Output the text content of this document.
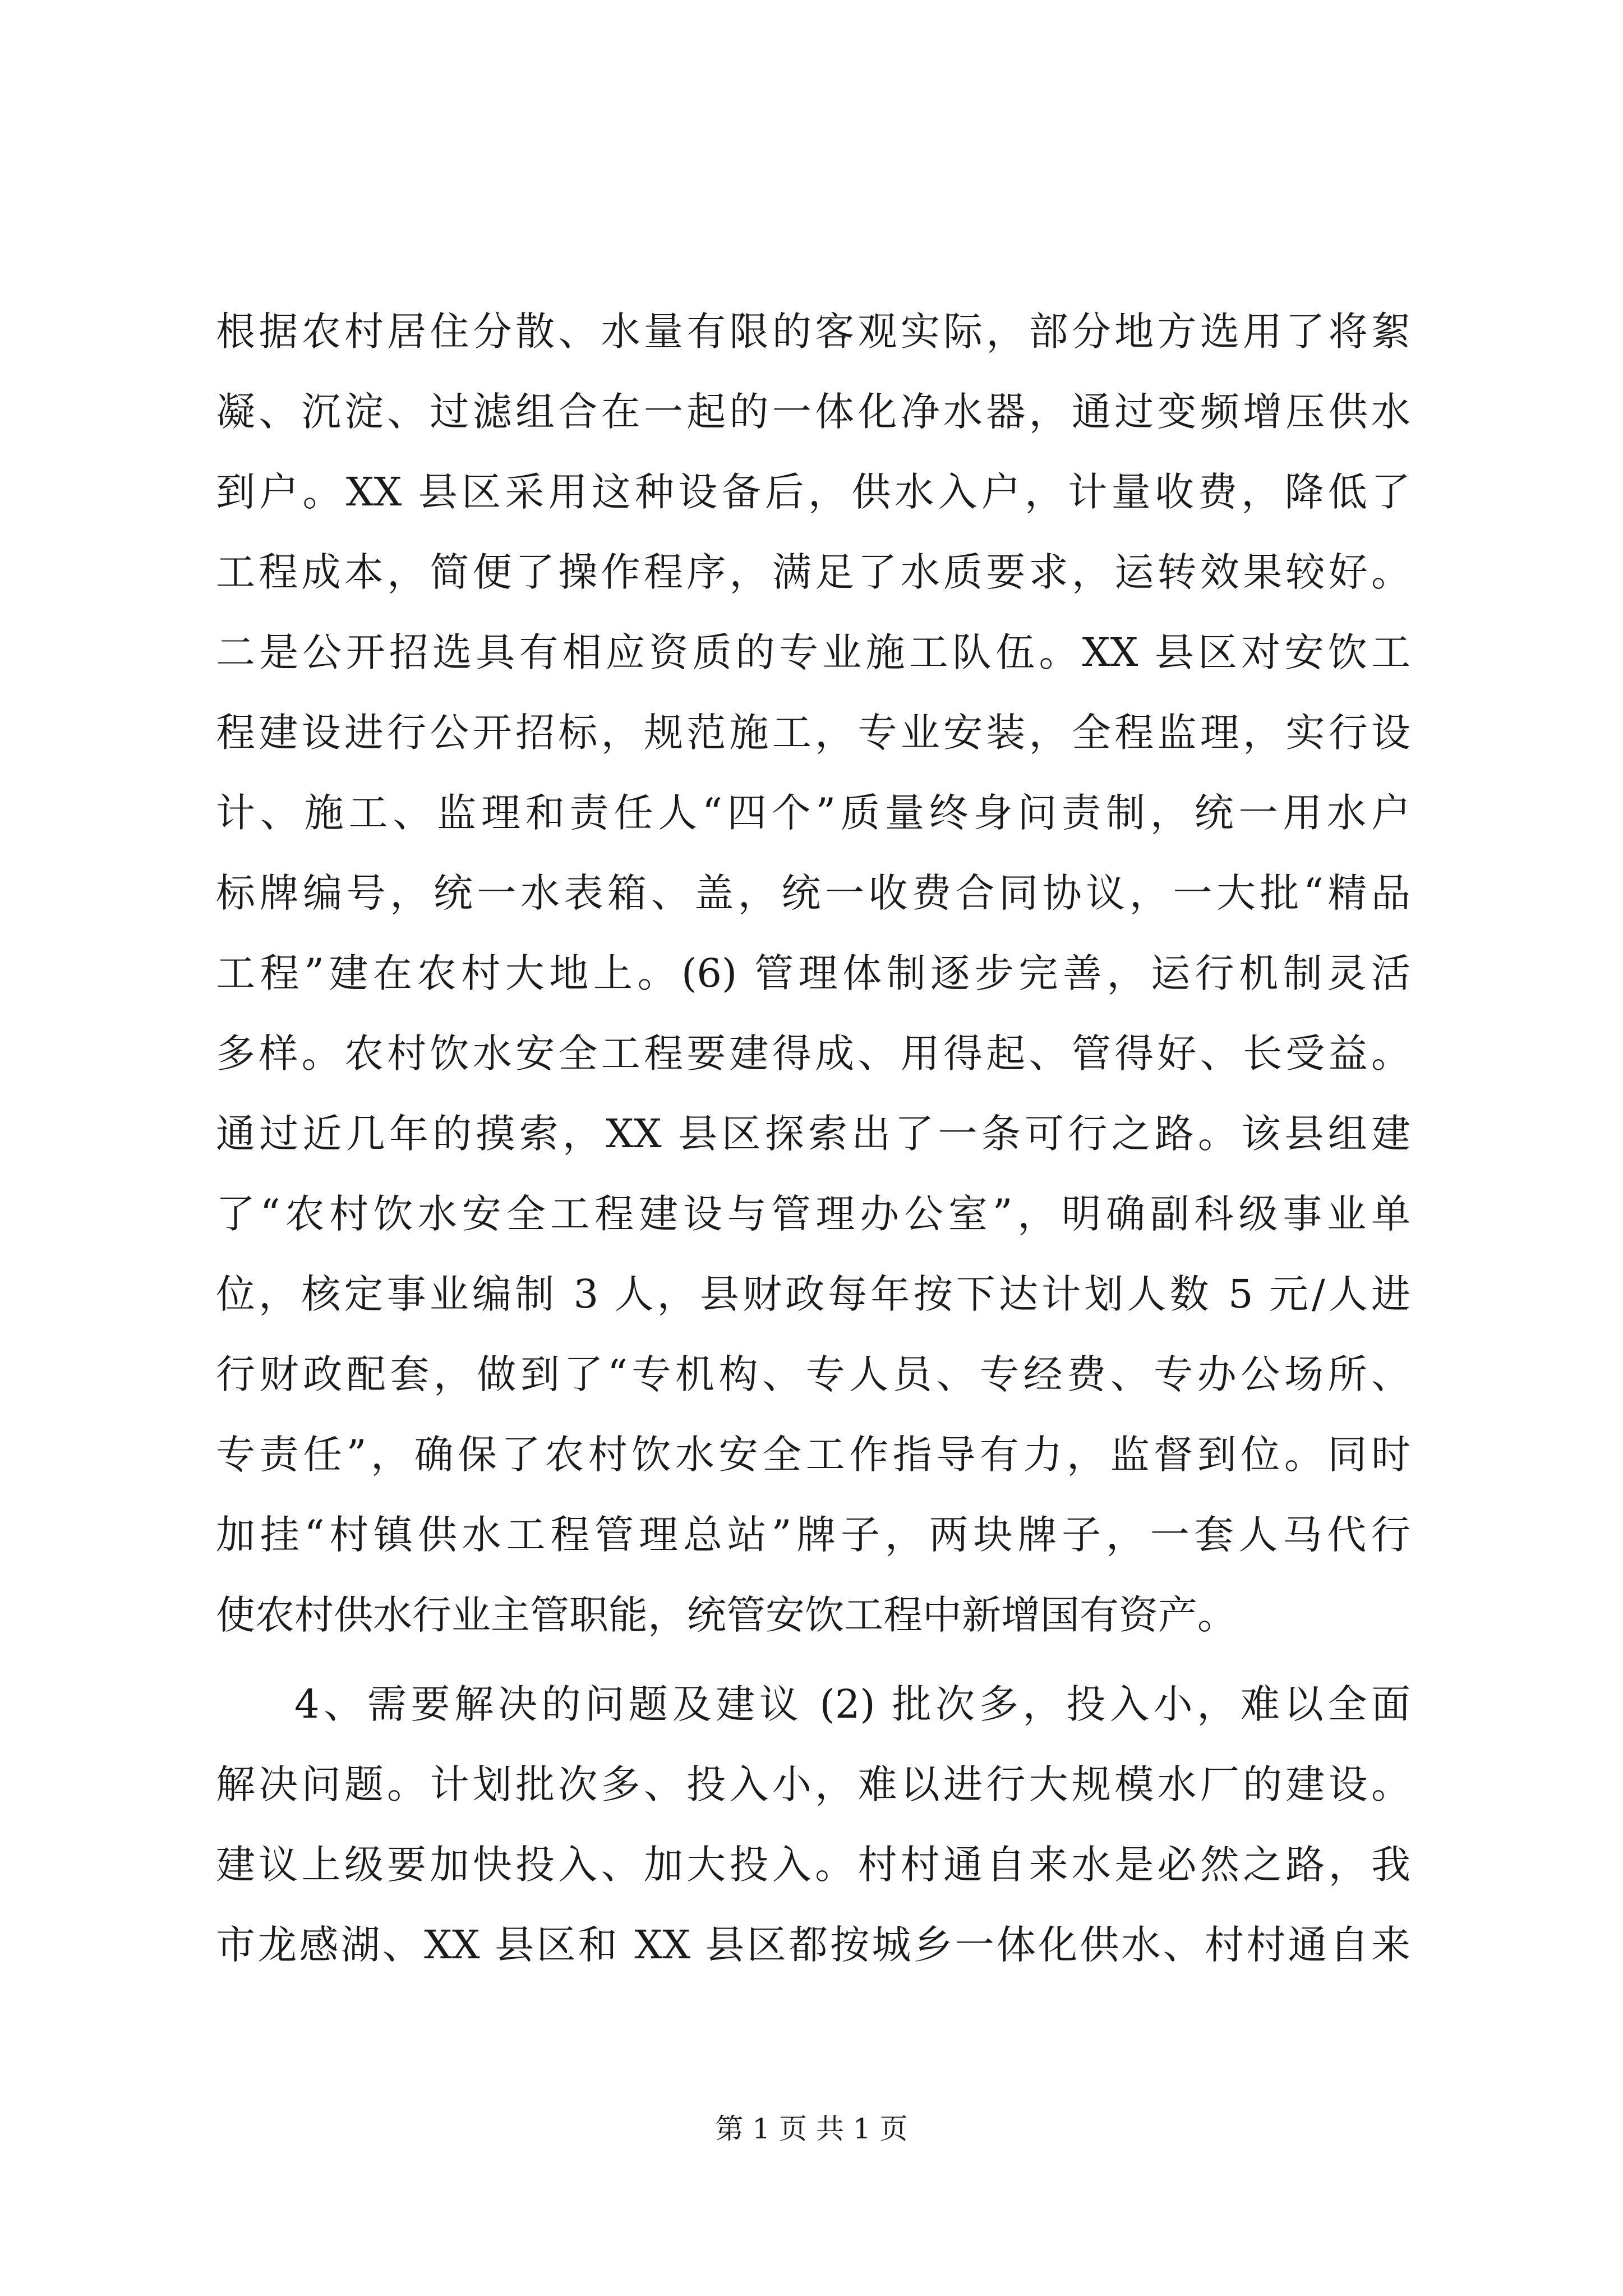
根据农村居住分散、水量有限的客观实际，部分地方选用了将絮
凝、沉淀、过滤组合在一起的一体化净水器，通过变频增压供水
到户。XX 县区采用这种设备后，供水入户，计量收费，降低了
工程成本，简便了操作程序，满足了水质要求，运转效果较好。
二是公开招选具有相应资质的专业施工队伍。XX 县区对安饮工
程建设进行公开招标，规范施工，专业安装，全程监理，实行设
计、施工、监理和责任人“四个”质量终身问责制，统一用水户
标牌编号，统一水表箱、盖，统一收费合同协议，一大批“精品
工程”建在农村大地上。(6) 管理体制逐步完善，运行机制灵活
多样。农村饮水安全工程要建得成、用得起、管得好、长受益。
通过近几年的摸索，XX 县区探索出了一条可行之路。该县组建
了“农村饮水安全工程建设与管理办公室”，明确副科级事业单
位，核定事业编制 3 人，县财政每年按下达计划人数 5 元/人进
行财政配套，做到了“专机构、专人员、专经费、专办公场所、
专责任”，确保了农村饮水安全工作指导有力，监督到位。同时
加挂“村镇供水工程管理总站”牌子，两块牌子，一套人马代行
使农村供水行业主管职能，统管安饮工程中新增国有资产。
4、需要解决的问题及建议 (2) 批次多，投入小，难以全面
解决问题。计划批次多、投入小，难以进行大规模水厂的建设。
建议上级要加快投入、加大投入。村村通自来水是必然之路，我
市龙感湖、XX 县区和 XX 县区都按城乡一体化供水、村村通自来
第 1 页 共 1 页
